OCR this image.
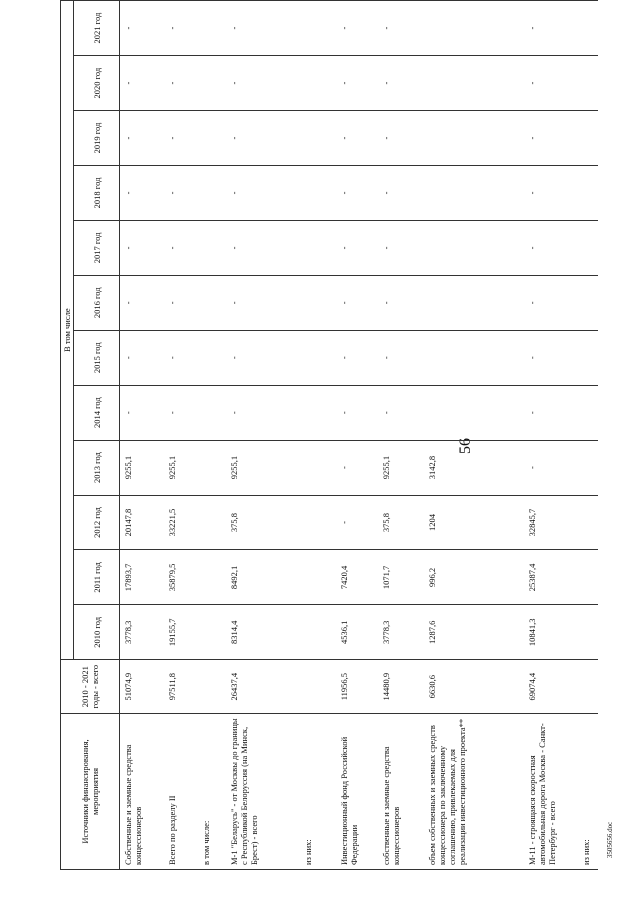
56
3505656.doc
Источники финансирования, мероприятия	2010 - 2021 годы - всего	В том числе											
		2010 год	2011 год	2012 год	2013 год	2014 год	2015 год	2016 год	2017 год	2018 год	2019 год	2020 год	2021 год
Собственные и заемные средства концессионеров	51074,9	3778,3	17893,7	20147,8	9255,1	-	-	-	-	-	-	-	-
Всего по разделу II	97511,8	19155,7	35879,5	33221,5	9255,1	-	-	-	-	-	-	-	-
в том числе:													
М-1 "Беларусь" - от Москвы до границы с Республикой Белоруссия (на Минск, Брест) - всего	26437,4	8314,4	8492,1	375,8	9255,1	-	-	-	-	-	-	-	-
из них:													
Инвестиционный фонд Российской Федерации	11956,5	4536,1	7420,4	-	-	-	-	-	-	-	-	-	-
собственные и заемные средства концессионеров	14480,9	3778,3	1071,7	375,8	9255,1	-	-	-	-	-	-	-	-
объем собственных и заемных средств концессионера по заключенному соглашению, привлекаемых для реализации инвестиционного проекта**	6630,6	1287,6	996,2	1204	3142,8								
М-11 - строящаяся скоростная автомобильная дорога Москва - Санкт-Петербург - всего	69074,4	10841,3	25387,4	32845,7	-	-	-	-	-	-	-	-	-
из них:													
